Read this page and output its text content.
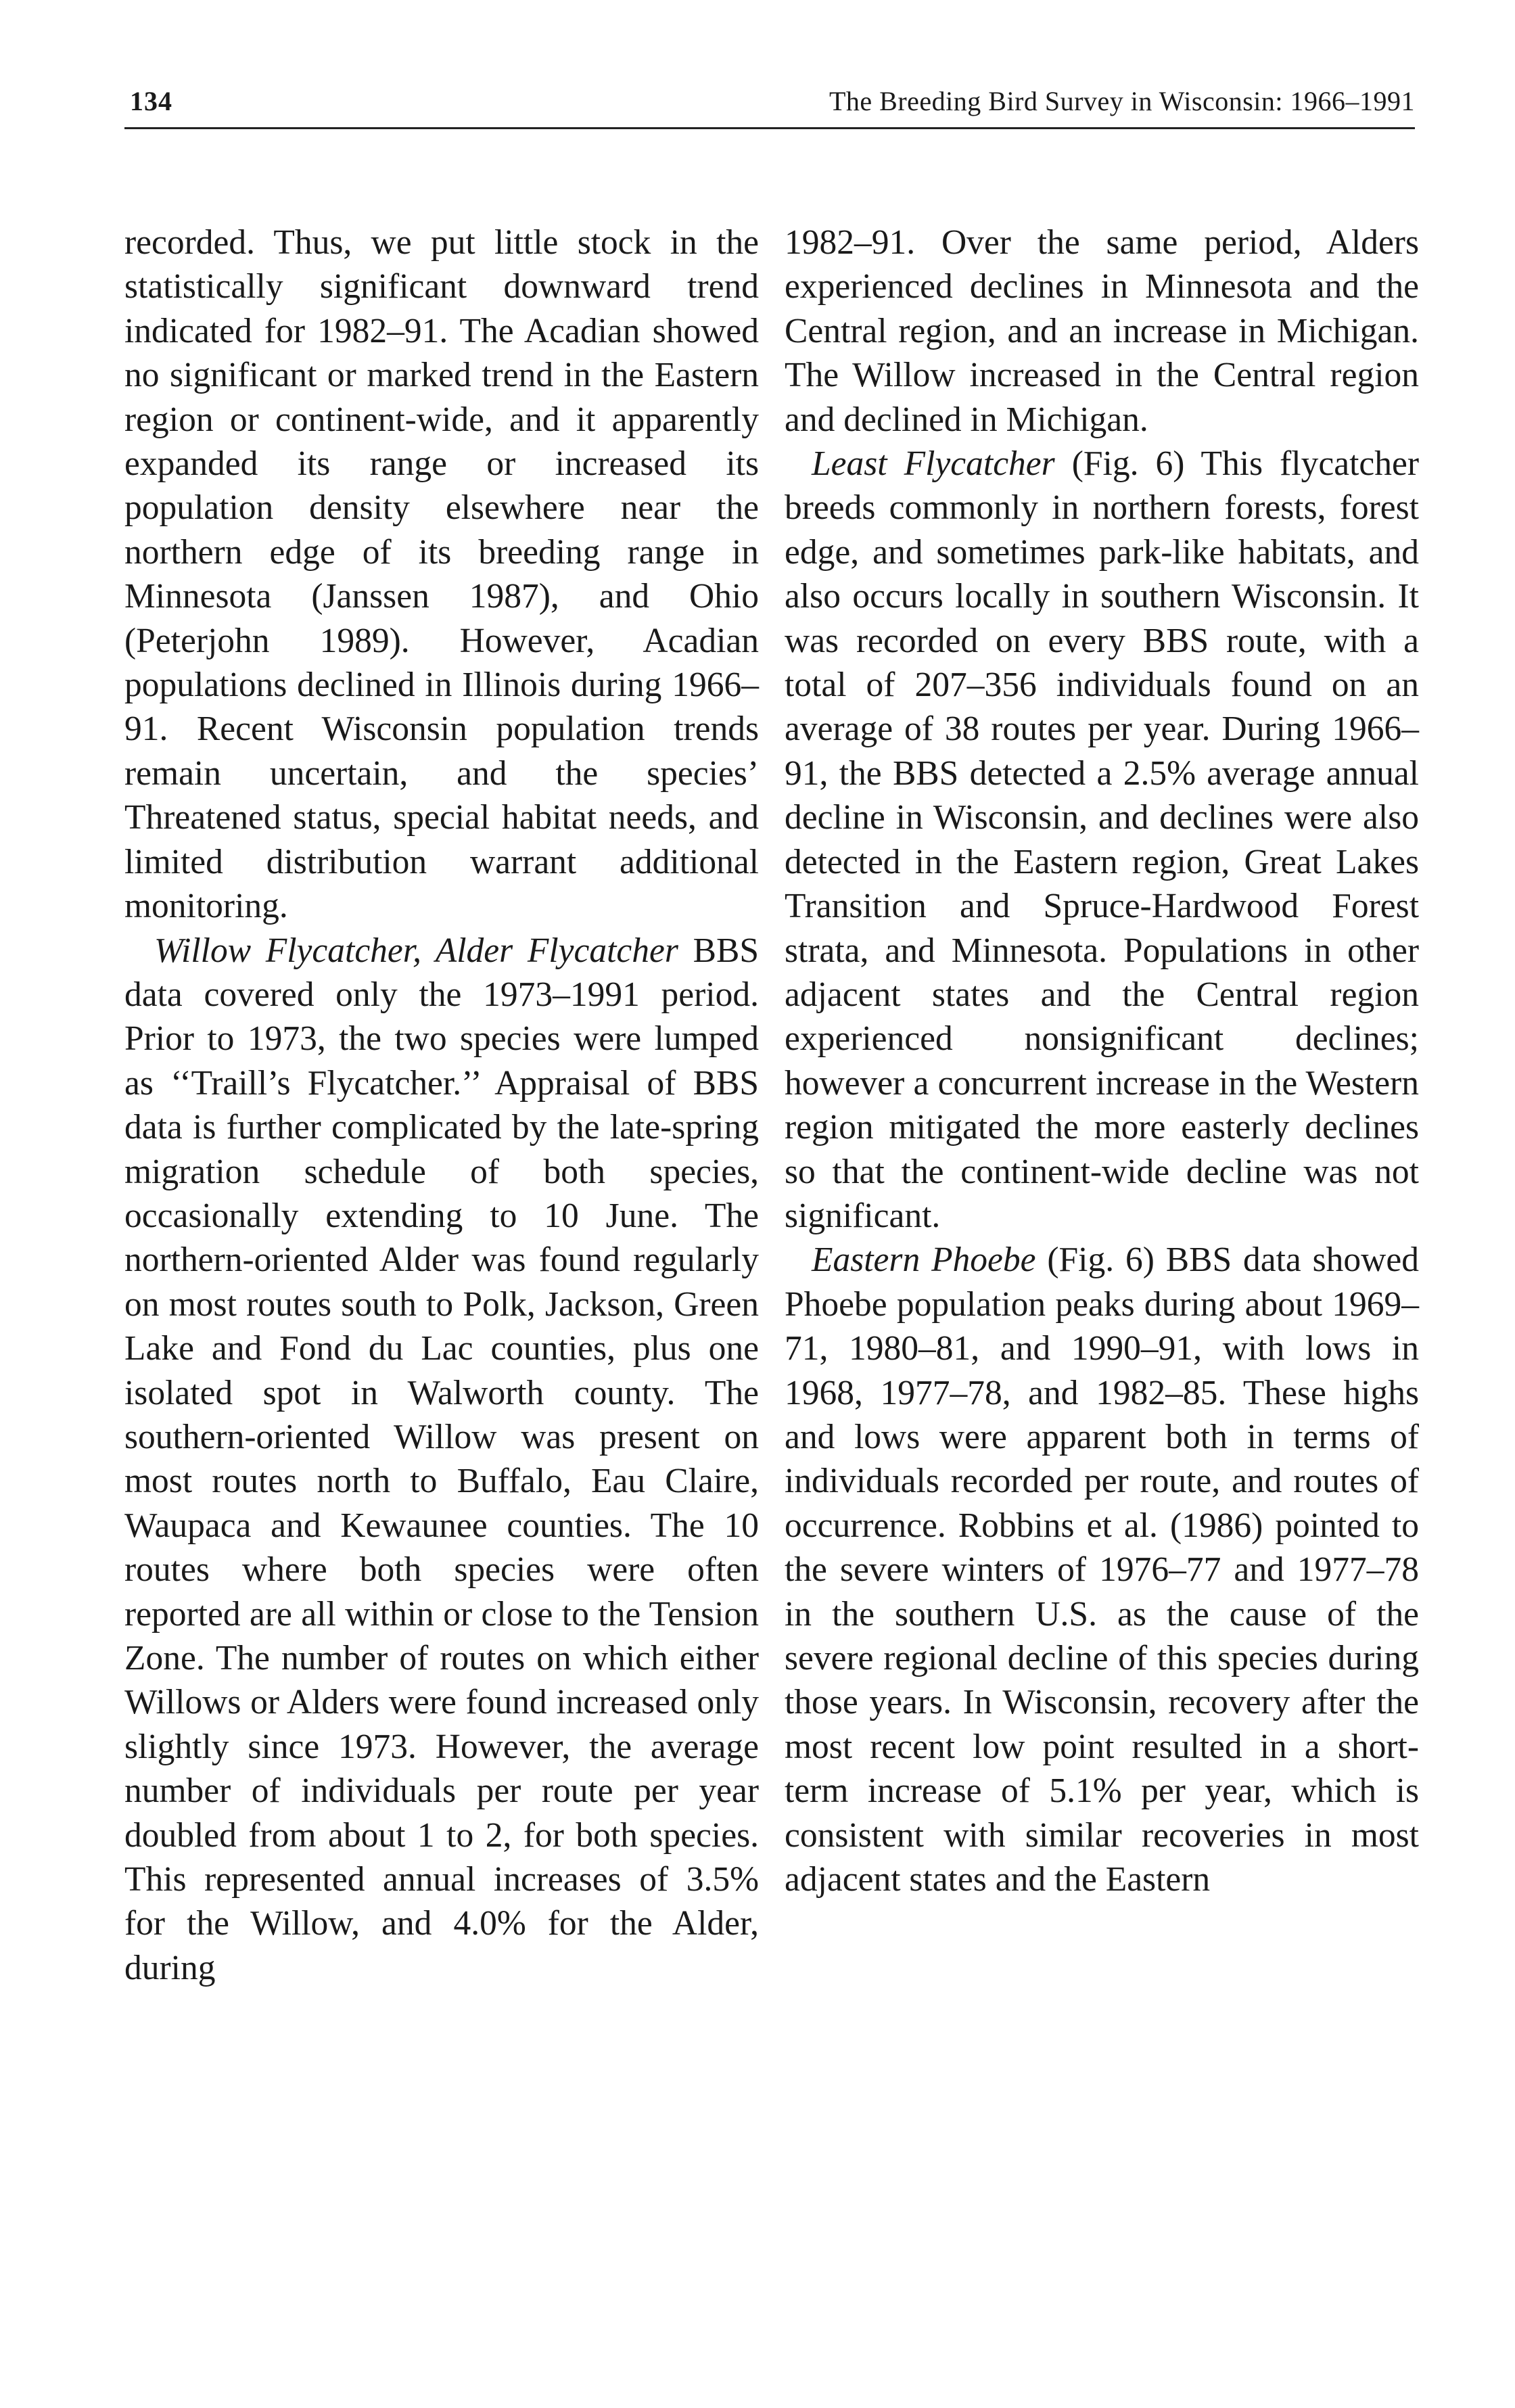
134	The Breeding Bird Survey in Wisconsin: 1966–1991

recorded. Thus, we put little stock in the statistically significant downward trend indicated for 1982–91. The Acadian showed no significant or marked trend in the Eastern region or continent-wide, and it apparently expanded its range or increased its population density elsewhere near the northern edge of its breeding range in Minnesota (Janssen 1987), and Ohio (Peterjohn 1989). However, Acadian populations declined in Illinois during 1966–91. Recent Wisconsin population trends remain uncertain, and the species’ Threatened status, special habitat needs, and limited distribution warrant additional monitoring.

Willow Flycatcher, Alder Flycatcher BBS data covered only the 1973–1991 period. Prior to 1973, the two species were lumped as ‘‘Traill’s Flycatcher.’’ Appraisal of BBS data is further complicated by the late-spring migration schedule of both species, occasionally extending to 10 June. The northern-oriented Alder was found regularly on most routes south to Polk, Jackson, Green Lake and Fond du Lac counties, plus one isolated spot in Walworth county. The southern-oriented Willow was present on most routes north to Buffalo, Eau Claire, Waupaca and Kewaunee counties. The 10 routes where both species were often reported are all within or close to the Tension Zone. The number of routes on which either Willows or Alders were found increased only slightly since 1973. However, the average number of individuals per route per year doubled from about 1 to 2, for both species. This represented annual increases of 3.5% for the Willow, and 4.0% for the Alder, during

1982–91. Over the same period, Alders experienced declines in Minnesota and the Central region, and an increase in Michigan. The Willow increased in the Central region and declined in Michigan.

Least Flycatcher (Fig. 6) This flycatcher breeds commonly in northern forests, forest edge, and sometimes park-like habitats, and also occurs locally in southern Wisconsin. It was recorded on every BBS route, with a total of 207–356 individuals found on an average of 38 routes per year. During 1966–91, the BBS detected a 2.5% average annual decline in Wisconsin, and declines were also detected in the Eastern region, Great Lakes Transition and Spruce-Hardwood Forest strata, and Minnesota. Populations in other adjacent states and the Central region experienced nonsignificant declines; however a concurrent increase in the Western region mitigated the more easterly declines so that the continent-wide decline was not significant.

Eastern Phoebe (Fig. 6) BBS data showed Phoebe population peaks during about 1969–71, 1980–81, and 1990–91, with lows in 1968, 1977–78, and 1982–85. These highs and lows were apparent both in terms of individuals recorded per route, and routes of occurrence. Robbins et al. (1986) pointed to the severe winters of 1976–77 and 1977–78 in the southern U.S. as the cause of the severe regional decline of this species during those years. In Wisconsin, recovery after the most recent low point resulted in a short-term increase of 5.1% per year, which is consistent with similar recoveries in most adjacent states and the Eastern
